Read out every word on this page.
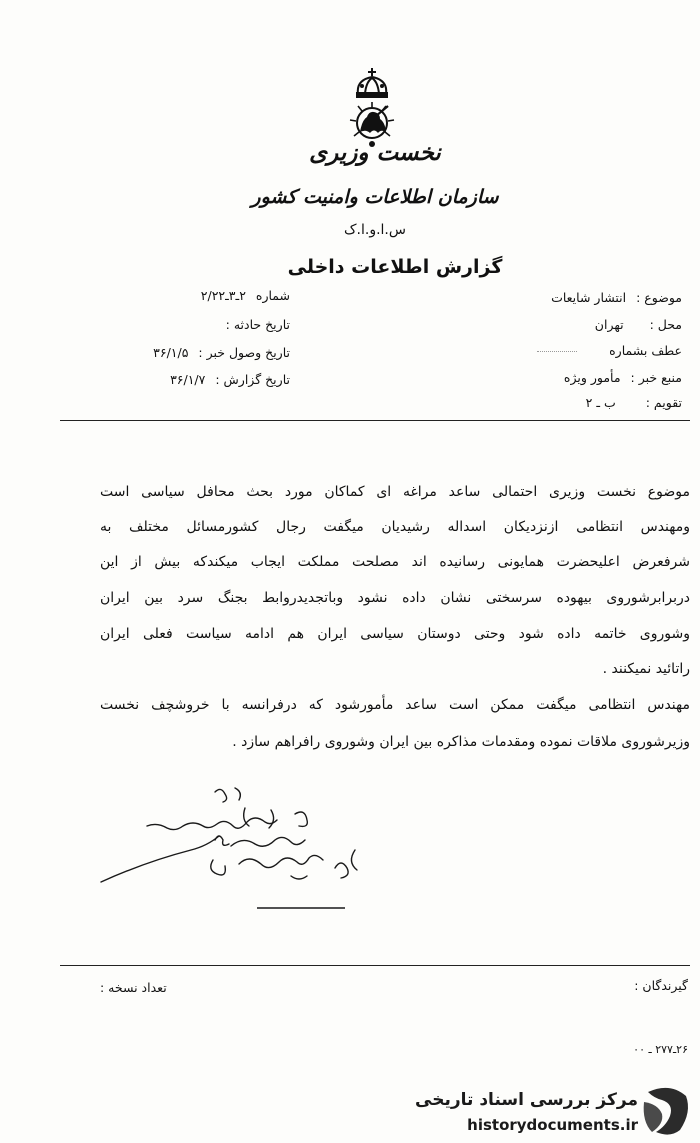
نخست وزیری
سازمان اطلاعات وامنیت کشور
س.ا.و.ا.ک
گزارش اطلاعات داخلی
شماره ۲ـ۳ـ۲/۲۲
تاریخ حادثه :
تاریخ وصول خبر : ۳۶/۱/۵
تاریخ گزارش : ۳۶/۱/۷
موضوع : انتشار شایعات
محل : تهران
عطف بشماره
منبع خبر : مأمور ویژه
تقویم : ب ـ ۲
موضوع نخست وزیری احتمالی ساعد مراغه ای کماکان مورد بحث محافل سیاسی است
ومهندس انتظامی ازنزدیکان اسداله رشیدیان میگفت رجال کشورمسائل مختلف به
شرفعرض اعلیحضرت همایونی رسانیده اند مصلحت مملکت ایجاب میکندکه بیش از این
دربرابرشوروی بیهوده سرسختی نشان داده نشود وباتجدیدروابط بجنگ سرد بین ایران
وشوروی خاتمه داده شود وحتی دوستان سیاسی ایران هم ادامه سیاست فعلی ایران
راتائید نمیکنند .
مهندس انتظامی میگفت ممکن است ساعد مأمورشود که درفرانسه با خروشچف نخست
وزیرشوروی ملاقات نموده ومقدمات مذاکره بین ایران وشوروی رافراهم سازد .
گیرندگان :
تعداد نسخه :
۲۶ـ۲۷۷ ـ ۰۰
مرکز بررسی اسناد تاریخی
historydocuments.ir
